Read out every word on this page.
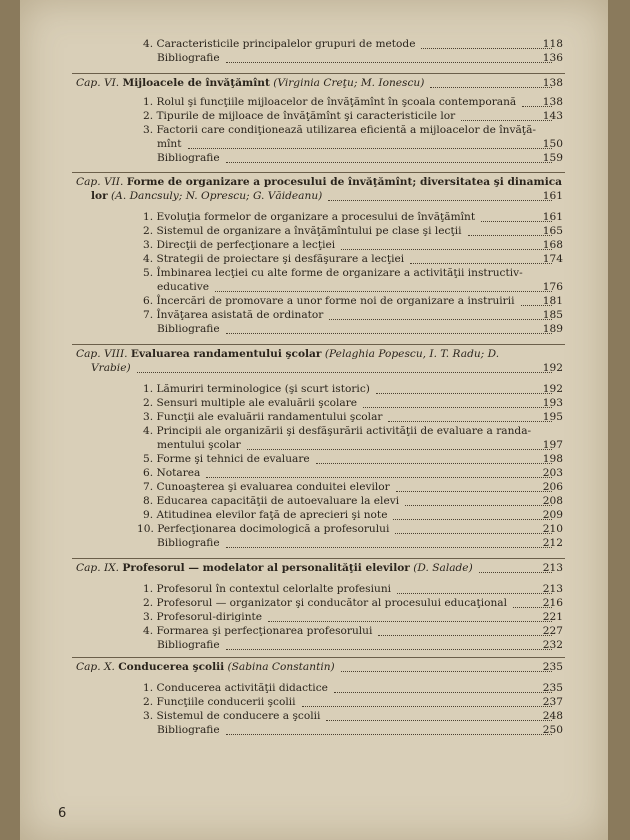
4. Caracteristicile principalelor grupuri de metode	118
Bibliografie	136
Cap. VI. Mijloacele de învăţămînt (Virginia Creţu; M. Ionescu)	138
1. Rolul şi funcţiile mijloacelor de învăţămînt în şcoala contemporană	138
2. Tipurile de mijloace de învăţămînt şi caracteristicile lor	143
3. Factorii care condiţionează utilizarea eficientă a mijloacelor de învăţă-
mînt	150
Bibliografie	159
Cap. VII. Forme de organizare a procesului de învăţămînt; diversitatea şi dinamica
lor (A. Dancsuly; N. Oprescu; G. Văideanu)	161
1. Evoluţia formelor de organizare a procesului de învăţămînt	161
2. Sistemul de organizare a învăţămîntului pe clase şi lecţii	165
3. Direcţii de perfecţionare a lecţiei	168
4. Strategii de proiectare şi desfăşurare a lecţiei	174
5. Îmbinarea lecţiei cu alte forme de organizare a activităţii instructiv-
educative	176
6. Încercări de promovare a unor forme noi de organizare a instruirii	181
7. Învăţarea asistată de ordinator	185
Bibliografie	189
Cap. VIII. Evaluarea randamentului şcolar (Pelaghia Popescu, I. T. Radu; D.
Vrabie)	192
1. Lămuriri terminologice (şi scurt istoric)	192
2. Sensuri multiple ale evaluării şcolare	193
3. Funcţii ale evaluării randamentului şcolar	195
4. Principii ale organizării şi desfăşurării activităţii de evaluare a randa-
mentului şcolar	197
5. Forme şi tehnici de evaluare	198
6. Notarea	203
7. Cunoaşterea şi evaluarea conduitei elevilor	206
8. Educarea capacităţii de autoevaluare la elevi	208
9. Atitudinea elevilor faţă de aprecieri şi note	209
10. Perfecţionarea docimologică a profesorului	210
Bibliografie	212
Cap. IX. Profesorul — modelator al personalităţii elevilor (D. Salade)	213
1. Profesorul în contextul celorlalte profesiuni	213
2. Profesorul — organizator şi conducător al procesului educaţional	216
3. Profesorul-diriginte	221
4. Formarea şi perfecţionarea profesorului	227
Bibliografie	232
Cap. X. Conducerea şcolii (Sabina Constantin)	235
1. Conducerea activităţii didactice	235
2. Funcţiile conducerii şcolii	237
3. Sistemul de conducere a şcolii	248
Bibliografie	250
6
